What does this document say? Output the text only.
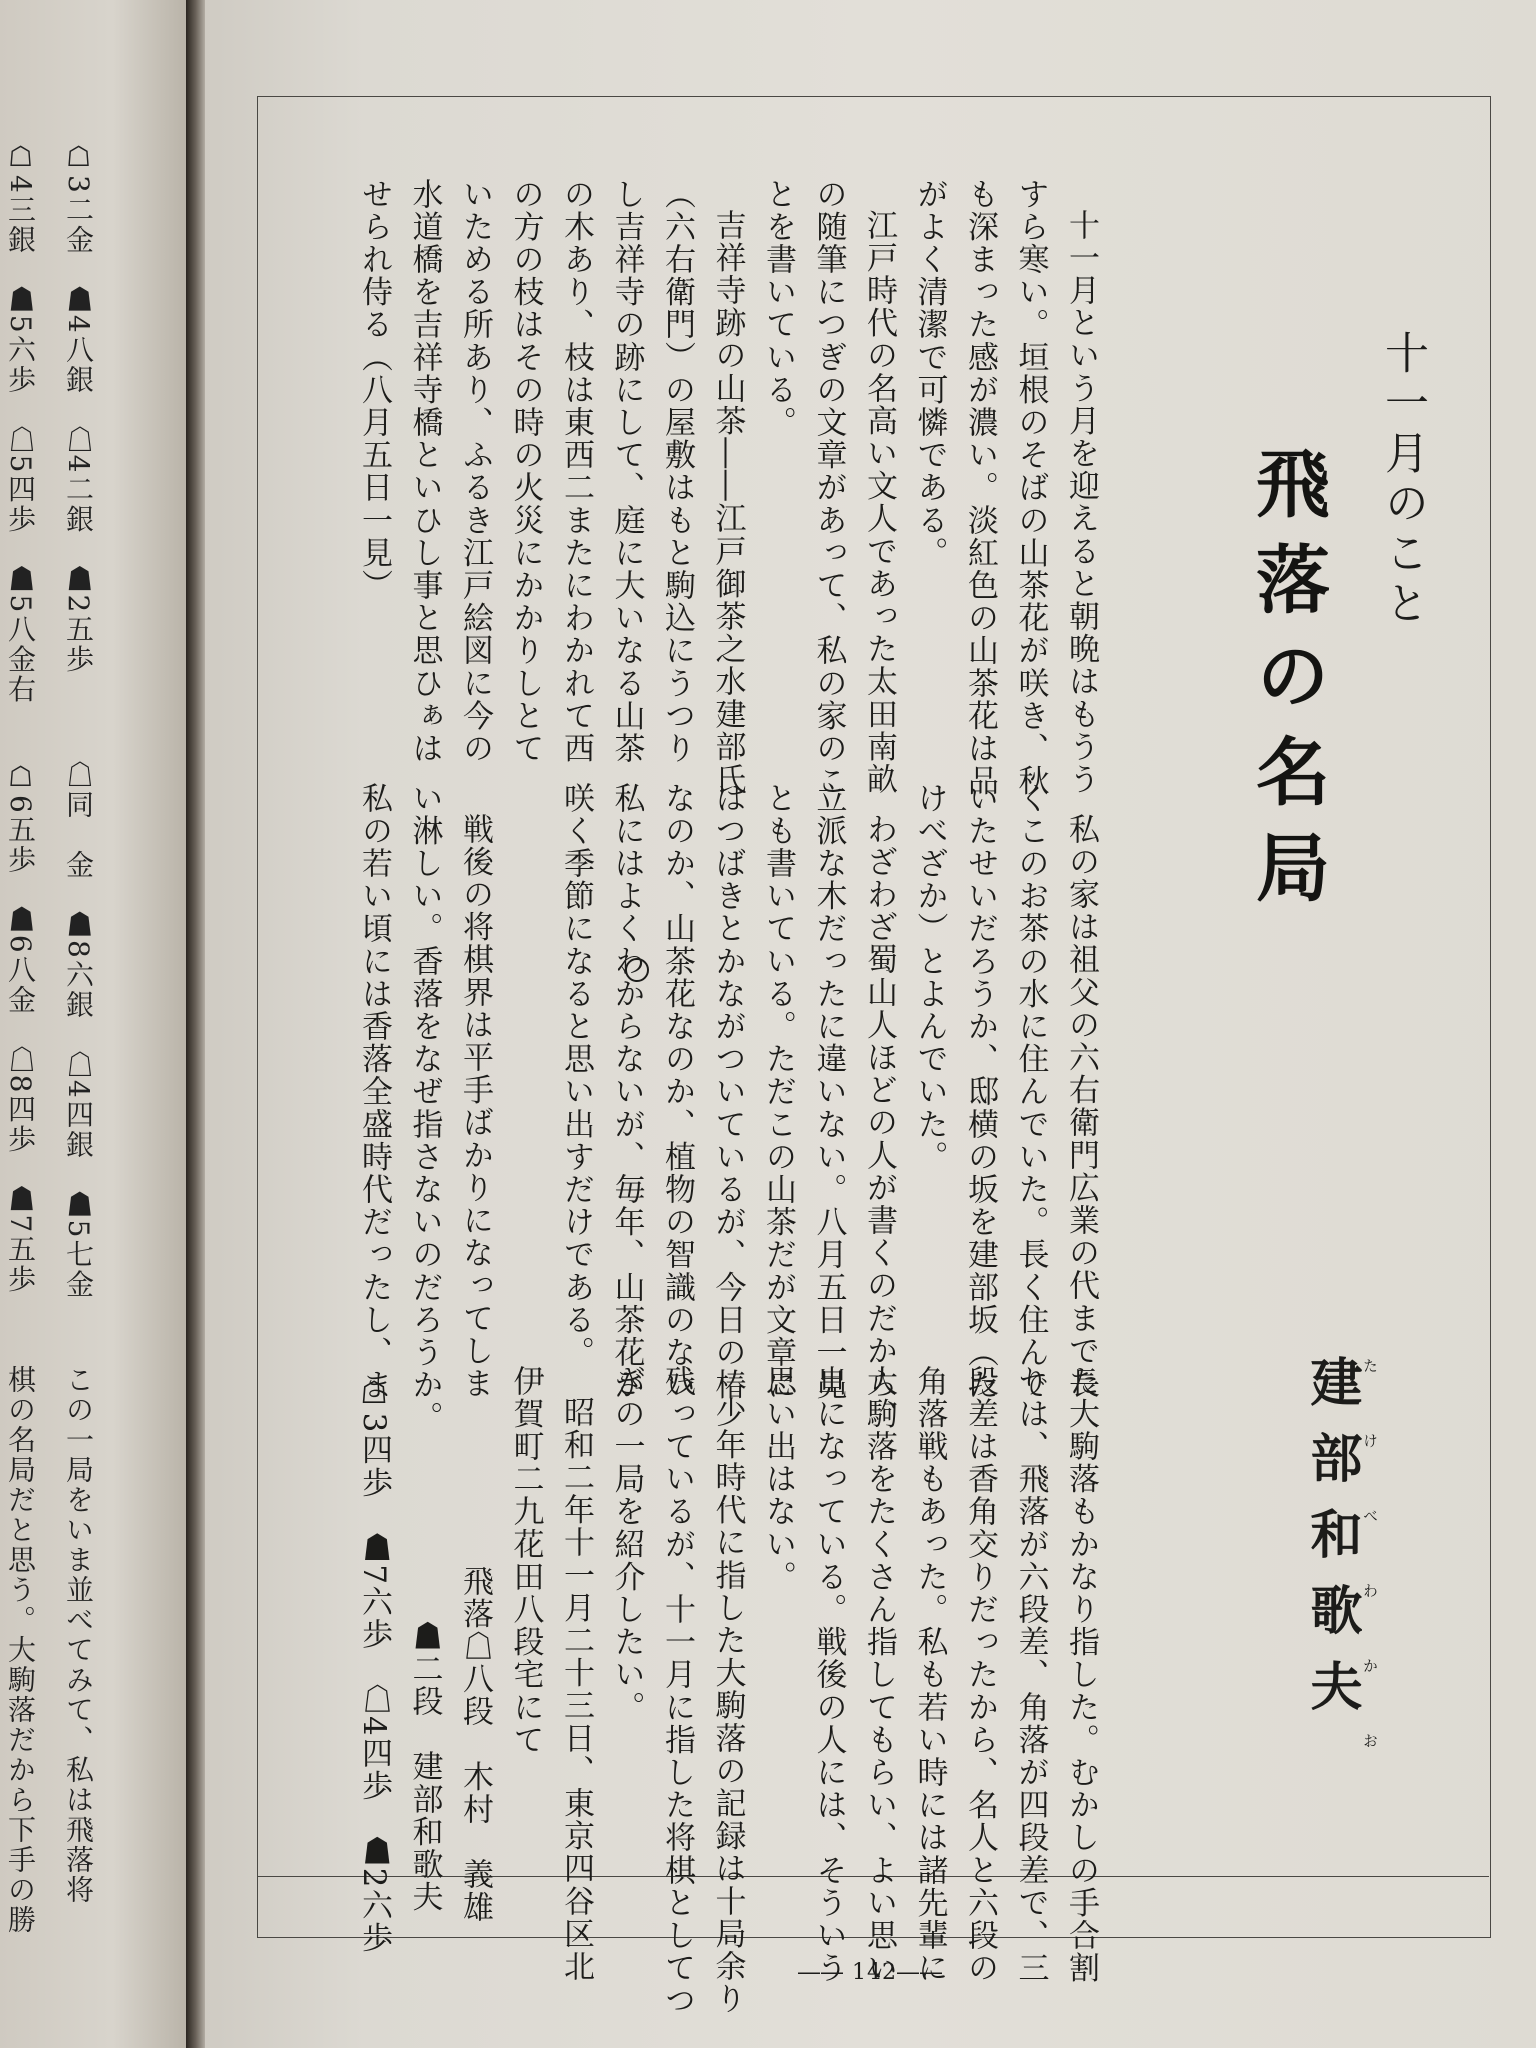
☖4三銀　☗5六歩　☖5四歩　☗5八金右 ☖3二金　☗4八銀　☖4二銀　☗2五歩
☖6五歩　☗6八金　☖8四歩　☗7五歩 ☖同　金　☗8六銀　☖4四銀　☗5七金
棋の名局だと思う。大駒落だから下手の勝 この一局をいま並べてみて、私は飛落将
十一月のこと
飛落の名局
たけべわかお
建部和歌夫
十一月という月を迎えると朝晩はもうう
すら寒い。垣根のそばの山茶花が咲き、秋
も深まった感が濃い。淡紅色の山茶花は品
がよく清潔で可憐である。
江戸時代の名高い文人であった太田南畝
の随筆につぎの文章があって、私の家のこ
とを書いている。
吉祥寺跡の山茶――江戸御茶之水建部氏
（六右衛門）の屋敷はもと駒込にうつり
し吉祥寺の跡にして、庭に大いなる山茶
の木あり、枝は東西二またにわかれて西
の方の枝はその時の火災にかかりしとて
いためる所あり、ふるき江戸絵図に今の
水道橋を吉祥寺橋といひし事と思ひぁは
せられ侍る（八月五日一見）
私の家は祖父の六右衛門広業の代まで長
くこのお茶の水に住んでいた。長く住んで
いたせいだろうか、邸横の坂を建部坂（た
けべざか）とよんでいた。
わざわざ蜀山人ほどの人が書くのだから、
立派な木だったに違いない。八月五日一見
とも書いている。ただこの山茶だが文章に
はつばきとかながついているが、今日の椿
なのか、山茶花なのか、植物の智識のない
私にはよくわからないが、毎年、山茶花が
咲く季節になると思い出すだけである。
戦後の将棋界は平手ばかりになってしま
い淋しい。香落をなぜ指さないのだろうか。
私の若い頃には香落全盛時代だったし、ま
た大駒落もかなり指した。むかしの手合割
りは、飛落が六段差、角落が四段差で、三
段差は香角交りだったから、名人と六段の
角落戦もあった。私も若い時には諸先輩に
大駒落をたくさん指してもらい、よい思い
出になっている。戦後の人には、そういう
思い出はない。
少年時代に指した大駒落の記録は十局余り
残っているが、十一月に指した将棋としてつ
ぎの一局を紹介したい。
昭和二年十一月二十三日、東京四谷区北
伊賀町二九花田八段宅にて
飛落☖八段　木村　義雄
☗二段　建部和歌夫
☖3四歩　☗7六歩　☖4四歩　☗2六歩
―― 142――
